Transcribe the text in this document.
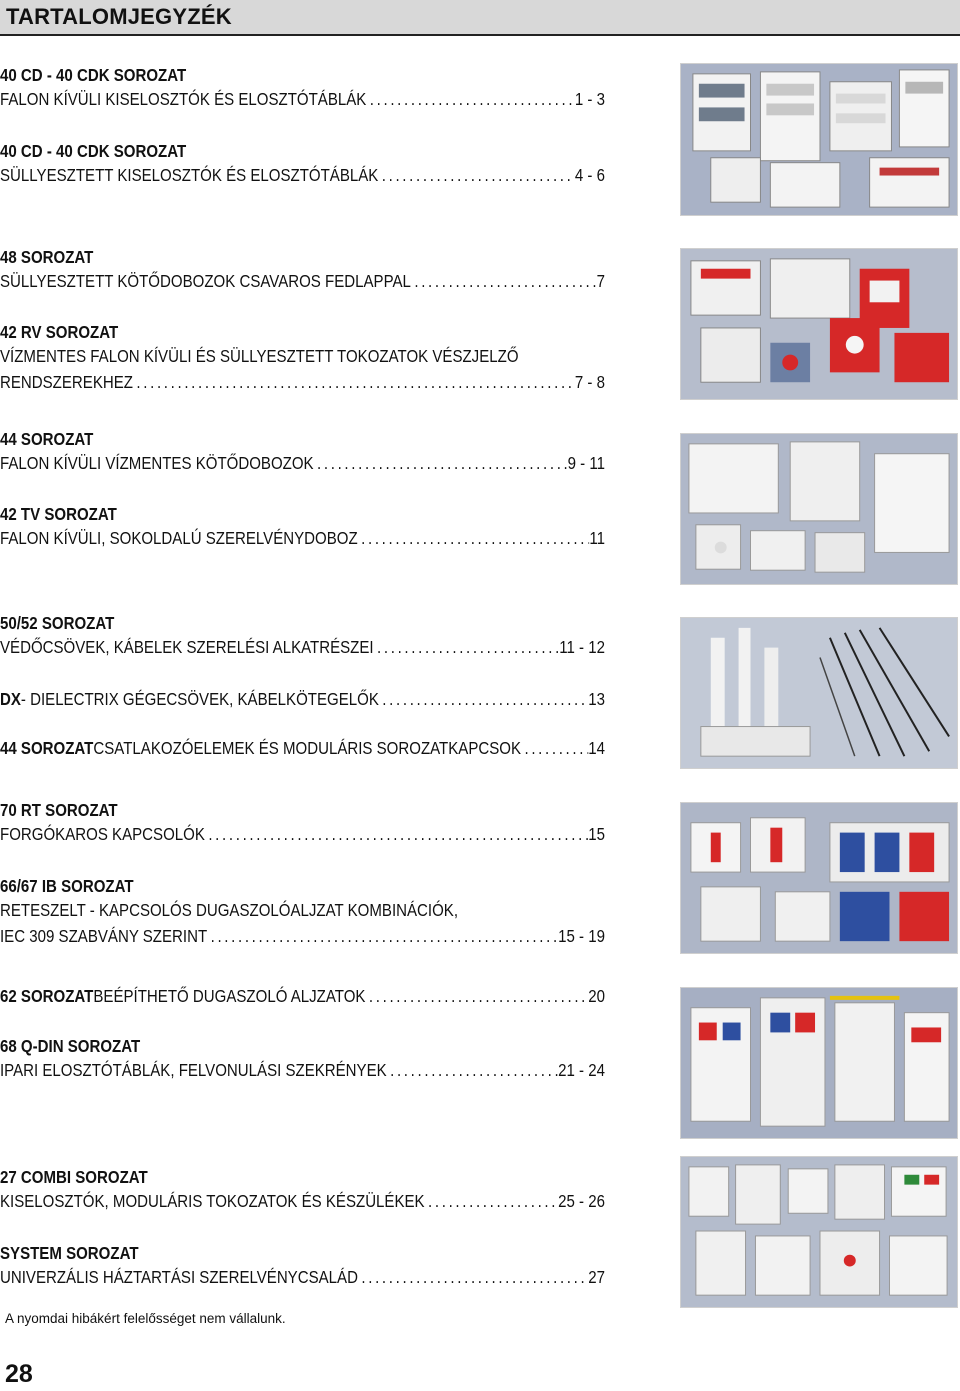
TARTALOMJEGYZÉK
40 CD - 40 CDK SOROZAT
FALON KÍVÜLI KISELOSZTÓK ÉS ELOSZTÓTÁBLÁK .....	1 - 3
40 CD - 40 CDK SOROZAT
SÜLLYESZTETT KISELOSZTÓK ÉS ELOSZTÓTÁBLÁK .....	4 - 6
48 SOROZAT
SÜLLYESZTETT KÖTŐDOBOZOK CSAVAROS FEDLAPPAL .....	7
42 RV SOROZAT
VÍZMENTES FALON KÍVÜLI ÉS SÜLLYESZTETT TOKOZATOK VÉSZJELZŐ
RENDSZEREKHEZ .....	7 - 8
44 SOROZAT
FALON KÍVÜLI VÍZMENTES KÖTŐDOBOZOK .....	9 - 11
42 TV SOROZAT
FALON KÍVÜLI, SOKOLDALÚ SZERELVÉNYDOBOZ .....	11
50/52 SOROZAT
VÉDŐCSÖVEK, KÁBELEK SZERELÉSI ALKATRÉSZEI .....	11 - 12
DX - DIELECTRIX GÉGECSÖVEK, KÁBELKÖTEGELŐK .....	13
44 SOROZAT CSATLAKOZÓELEMEK ÉS MODULÁRIS SOROZATKAPCSOK .....	14
70 RT SOROZAT
FORGÓKAROS KAPCSOLÓK .....	15
66/67 IB SOROZAT
RETESZELT - KAPCSOLÓS DUGASZOLÓALJZAT KOMBINÁCIÓK,
IEC 309 SZABVÁNY SZERINT .....	15 - 19
62 SOROZAT BEÉPÍTHETŐ DUGASZOLÓ ALJZATOK .....	20
68 Q-DIN SOROZAT
IPARI ELOSZTÓTÁBLÁK, FELVONULÁSI SZEKRÉNYEK .....	21 - 24
27 COMBI SOROZAT
KISELOSZTÓK, MODULÁRIS TOKOZATOK ÉS KÉSZÜLÉKEK .....	25 - 26
SYSTEM SOROZAT
UNIVERZÁLIS HÁZTARTÁSI SZERELVÉNYCSALÁD .....	27
A nyomdai hibákért felelősséget nem vállalunk.
28
